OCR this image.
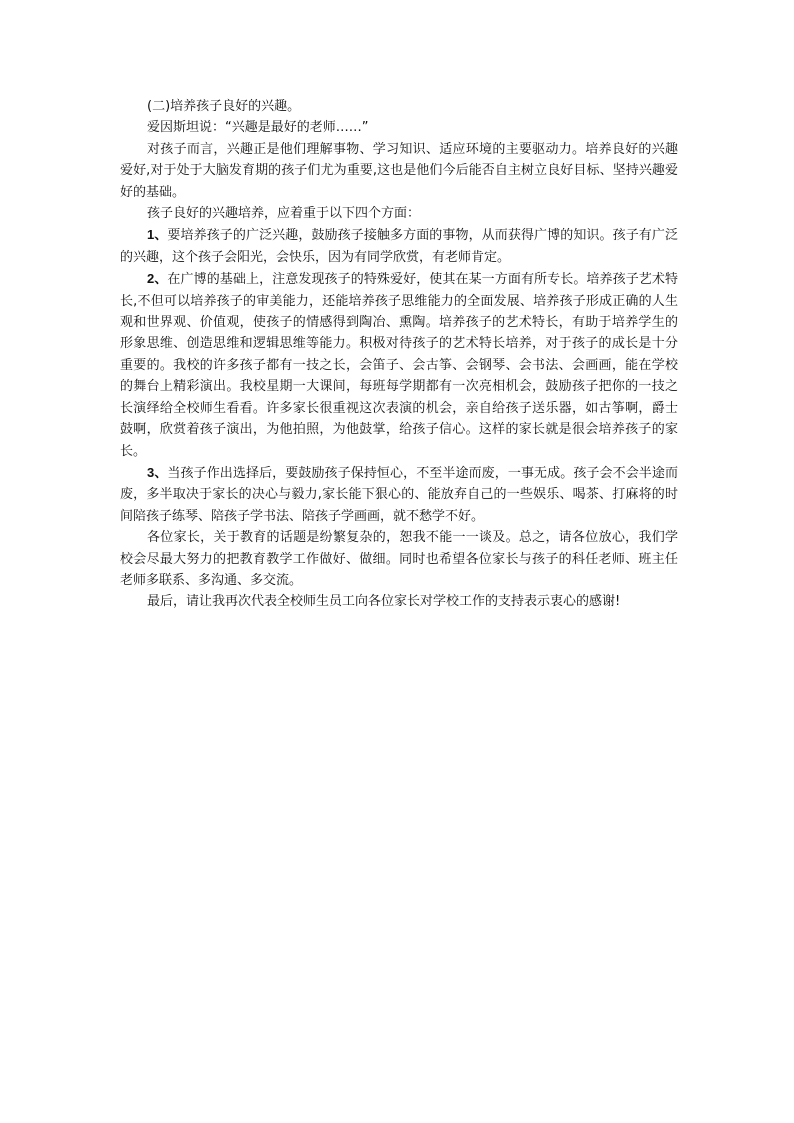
(二)培养孩子良好的兴趣。

爱因斯坦说：“兴趣是最好的老师……”

对孩子而言，兴趣正是他们理解事物、学习知识、适应环境的主要驱动力。培养良好的兴趣爱好,对于处于大脑发育期的孩子们尤为重要,这也是他们今后能否自主树立良好目标、坚持兴趣爱好的基础。

孩子良好的兴趣培养，应着重于以下四个方面：

1、要培养孩子的广泛兴趣，鼓励孩子接触多方面的事物，从而获得广博的知识。孩子有广泛的兴趣，这个孩子会阳光，会快乐，因为有同学欣赏，有老师肯定。

2、在广博的基础上，注意发现孩子的特殊爱好，使其在某一方面有所专长。培养孩子艺术特长,不但可以培养孩子的审美能力，还能培养孩子思维能力的全面发展、培养孩子形成正确的人生观和世界观、价值观，使孩子的情感得到陶冶、熏陶。培养孩子的艺术特长，有助于培养学生的形象思维、创造思维和逻辑思维等能力。积极对待孩子的艺术特长培养，对于孩子的成长是十分重要的。我校的许多孩子都有一技之长，会笛子、会古筝、会钢琴、会书法、会画画，能在学校的舞台上精彩演出。我校星期一大课间，每班每学期都有一次亮相机会，鼓励孩子把你的一技之长演绎给全校师生看看。许多家长很重视这次表演的机会，亲自给孩子送乐器，如古筝啊，爵士鼓啊，欣赏着孩子演出，为他拍照，为他鼓掌，给孩子信心。这样的家长就是很会培养孩子的家长。

3、当孩子作出选择后，要鼓励孩子保持恒心，不至半途而废，一事无成。孩子会不会半途而废，多半取决于家长的决心与毅力,家长能下狠心的、能放弃自己的一些娱乐、喝茶、打麻将的时间陪孩子练琴、陪孩子学书法、陪孩子学画画，就不愁学不好。

各位家长，关于教育的话题是纷繁复杂的，恕我不能一一谈及。总之，请各位放心，我们学校会尽最大努力的把教育教学工作做好、做细。同时也希望各位家长与孩子的科任老师、班主任老师多联系、多沟通、多交流。

最后，请让我再次代表全校师生员工向各位家长对学校工作的支持表示衷心的感谢!
